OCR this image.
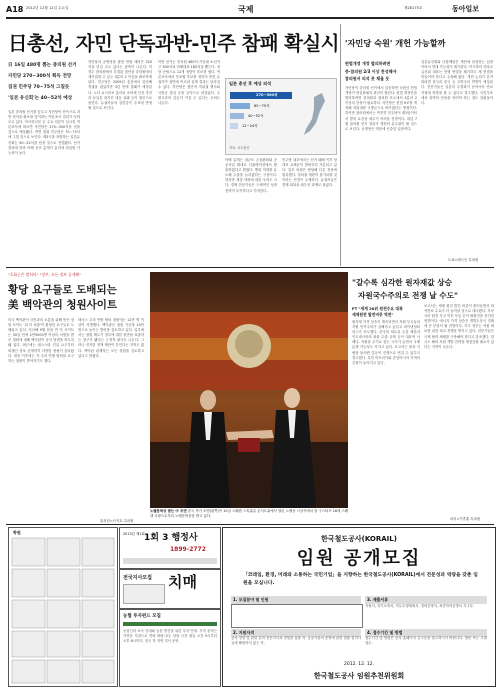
A18 2012년 12월 12일 수요일	국제	제28175호	동아일보
日총선, 자민 단독과반-민주 참패 확실시
日 16일 480명 뽑는 중의원 선거
자민당 270∼300석 획득 전망
집권 민주당 70∼75석 그칠듯
'일본 유신회'는 40∼52석 예상
일본 중의원 선거를 앞두고 자민당이 단독으로 과반 의석을 확보할 것이라는 여론조사 결과가 잇따르고 있다. 아사히신문 등 주요 언론이 실시한 여론조사에 따르면 자민당은 270∼300석을 얻을 것으로 예상됐다. 반면 집권 민주당은 70∼75석에 그칠 것으로 보인다. 제3극을 표방하는 일본유신회는 40∼52석을 얻을 것으로 전망됐다. 선거 결과에 따라 아베 신조 총재가 총리에 취임할 가능성이 높다.
자민당과 공명당을 합한 연립 세력은 320석을 넘길 수도 있다는 관측이 나온다. 이 경우 참의원에서 부결된 법안을 중의원에서 재가결할 수 있는 3분의 2 이상을 확보하게 된다. 민주당은 2009년 총선에서 압승해 정권을 잡았지만 3년 만에 참패가 예상된다. 노다 요시히코 총리의 소비세 인상 추진과 동일본 대지진 대응 실패 등이 원인으로 꼽힌다. 유권자들의 실망감이 투표에 반영될 것으로 보인다.
이번 선거는 중의원 480석 가운데 소선거구 300석과 비례대표 180석을 뽑는다. 정당 난립으로 12개 정당이 후보를 냈다. 여론조사에서 투표할 후보를 정하지 못한 유권자가 절반에 이르러 실제 결과는 달라질 수 있다. 자민당은 집단적 자위권 행사와 국방군 창설 등을 공약으로 내걸었다. 주변국과의 갈등이 커질 수 있다는 우려도 나온다.
일본 총선 후 예상 의석
270∼300석
65∼75석
40∼52석
12∼24석
자료: 교도통신
아베 총재는 대규모 금융완화와 공공사업 확대로 디플레이션에서 탈출하겠다고 밝혔다. 엔화 약세를 유도해 수출을 늘리겠다는 구상이다. 하지만 재정 악화에 대한 우려도 크다. 경제 전문가들은 구체적인 성장 전략이 부족하다고 지적한다.
민주당 내부에서는 선거 패배 이후 당 대표 교체론이 벌써부터 거론되고 있다. 일부 의원은 탈당해 다른 정당에 합류했다. 정치권 재편이 불가피할 것이라는 전망이 우세하다. 유권자들은 경제 회복을 최우선 과제로 꼽았다.
'자민당 숙원' 개헌 가능할까
헌법개정 개정 발의하려면
중·참의원 2/3 이상 찬성해야
참의원서 의석 못 채울 듯
자민당이 중의원 선거에서 압승하면 숙원인 헌법 개정이 현실화될지 관심이 쏠린다. 헌법 개정안을 발의하려면 중의원과 참의원 모두에서 3분의 2 이상의 찬성이 필요하다. 자민당은 헌법 9조를 개정해 자위대를 국방군으로 바꾸겠다는 방침이다. 하지만 참의원에서는 여전히 민주당이 제1당이어서 발의 요건을 채우기 어려울 전망이다. 내년 7월 참의원 선거 결과가 개헌의 분수령이 될 것으로 보인다. 공명당은 개헌에 신중한 입장이다.
일본유신회와 다함께당은 개헌에 찬성하는 입장이어서 연대 가능성이 제기된다. 이시하라 신타로 유신회 대표는 현행 헌법을 폐기하고 새 헌법을 만들어야 한다고 주장해 왔다. 개헌 논의가 본격화되면 한국과 중국 등 주변국의 반발이 예상된다. 전문가들은 일본의 우경화가 동아시아 안보 지형에 영향을 줄 수 있다고 경고했다. 국민투표에서 과반의 찬성을 얻어야 하는 점도 걸림돌이다.
도쿄=배극인 특파원
"호화군은 떨쳐라" "정부, 모든 정보 공개해"
황당 요구들로 도배되는
美 백악관의 청원사이트
미국 백악관이 국민과의 소통을 위해 만든 청원 사이트 '위 더 피플'이 황당한 요구들로 도배되고 있다. 지난해 9월 문을 연 이 사이트는 30일 안에 2만5000명 이상의 서명을 받은 청원에 대해 백악관이 공식 답변을 하도록 돼 있다. 최근에는 데스스타 건설 요구부터 외계인 정보 공개까지 다양한 청원이 올라왔다. 대선 이후에는 각 주의 연방 탈퇴를 요구하는 청원이 쏟아지기도 했다.
텍사스 주의 연방 탈퇴 청원에는 12만 명 이상이 서명했다. 백악관은 청원 기준을 10만 명으로 높이는 방안을 검토하고 있다. 일부에서는 청원 제도가 정부에 대한 불만을 표출하는 창구가 됐다는 긍정적 평가도 나온다. 그러나 진지한 정책 제안이 묻힌다는 지적도 많다. 백악관 관계자는 모든 청원을 검토하고 있다고 밝혔다.
워싱턴=신석호 특파원
노벨문학상 받는 中 모옌 중국 작가 모옌(왼쪽)이 10일 스웨덴 스톡홀름 콘서트홀에서 열린 노벨상 시상식에서 칼 구스타프 16세 스웨덴 국왕으로부터 노벨문학상을 받고 있다.
"갈수록 심각한 원자재값 상승
자원국수주의로 전쟁 날 수도"
FT "세계 20위 원전수요 대폭
세계원전 발전비중 역전"
원자재 가격 상승이 계속되면서 자원 부국들의 자원 민족주의가 심해지고 있다고 파이낸셜타임스가 보도했다. 중국의 희토류 수출 제한과 인도네시아의 광물 수출 규제 등이 대표적 사례다. 자원을 무기로 삼는 국가가 늘면서 국제 분쟁 가능성도 커지고 있다. 보고서는 물과 식량을 둘러싼 갈등이 전쟁으로 번질 수 있다고 경고했다. 특히 아프리카와 중앙아시아 지역의 긴장이 높아지고 있다.
보고서는 세계 원전 발전 비중이 줄어들면서 화석연료 수요가 더 늘어날 것으로 내다봤다. 후쿠시마 원전 사고 이후 독일 등이 탈원전을 선언한 영향이다. 에너지 가격 상승은 개발도상국 경제에 큰 부담이 될 전망이다. 각국 정부는 자원 확보를 위한 외교 경쟁을 벌이고 있다. 전문가들은 국제 협력 체제를 구축해야 한다고 강조했다. 한국도 해외 자원 개발 전략을 재점검할 필요가 있다는 지적이 나온다.
파리=이종훈 특파원
학원	2013년 제1회 1회 3 행정사
1899-2772
전국지사모집 치매
농협 투자펀드 모집
농업인의 소득 증대와 농촌 발전을 위한 투자 안내. 투자 문의는 가까운 지점으로 연락 바랍니다. 상담 시간 평일 오전 9시부터 오후 6시까지. 전국 각 지역 지사 운영.
한국철도공사(KORAIL)
임원 공개모집
「코레일, 환경, 미래와 소통하는 국민기업」을 지향하는 한국철도공사(KORAIL)에서 전문성과 역량을 갖춘 임원을 모십니다.
1. 모집분야 및 인원
2. 지원자격
공사 경영 및 관련 분야 전문지식과 경험을 갖춘 자. 공공기관의 운영에 관한 법률 결격사유에 해당하지 않는 자.
3. 제출서류
지원서, 자기소개서, 직무수행계획서, 경력증명서, 최종학력증명서 각 1부.
4. 접수기간 및 방법
접수기간 및 방법은 공사 홈페이지 공고문을 참고하시기 바랍니다. 방문 또는 우편 접수.
2012. 12. 12.
한국철도공사 임원추천위원회
